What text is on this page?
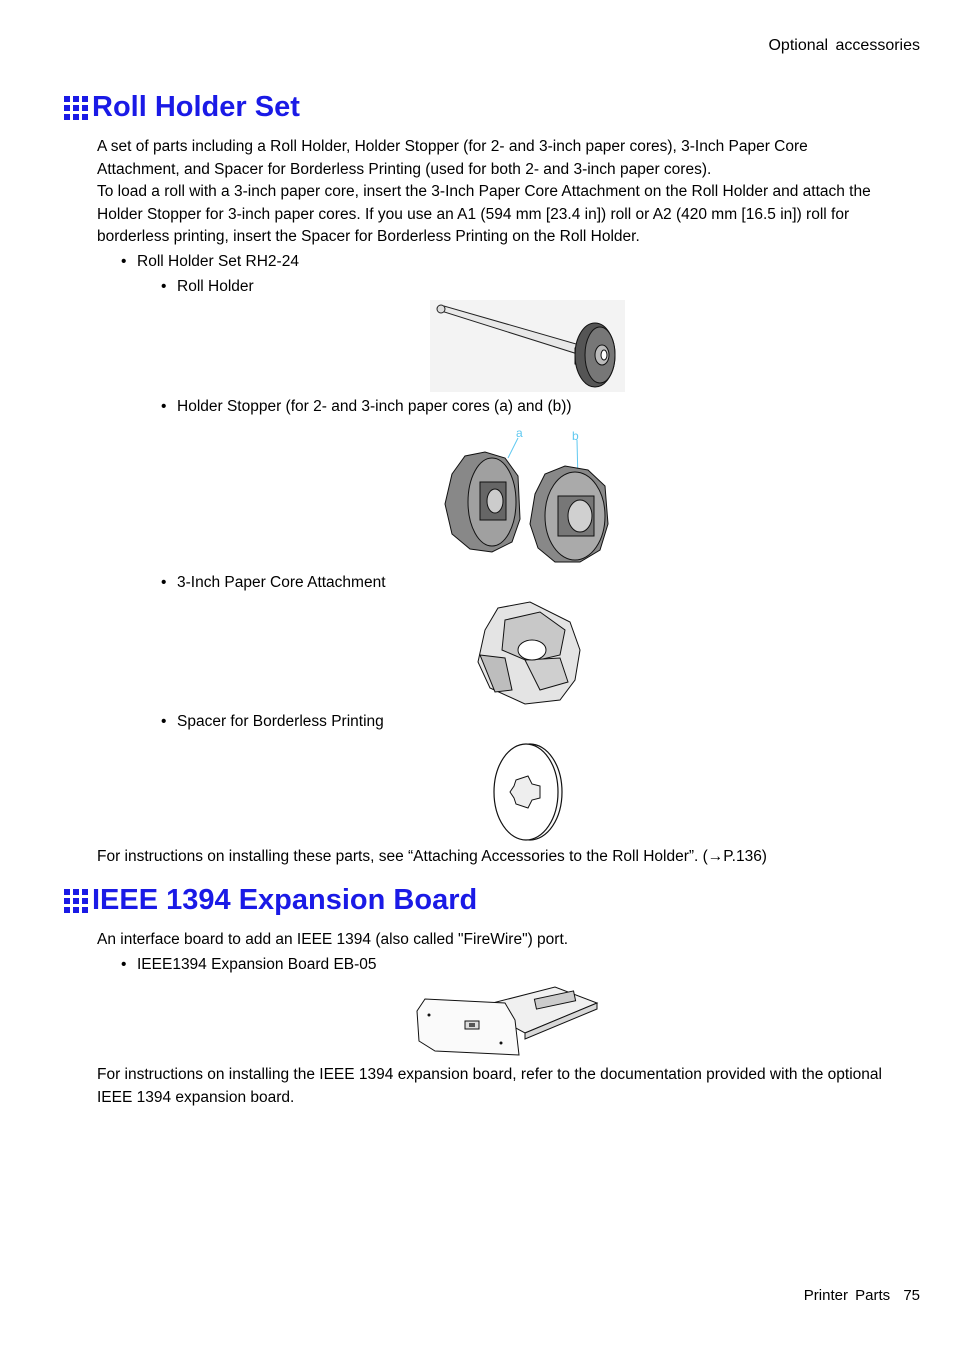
Optional accessories
Roll Holder Set
A set of parts including a Roll Holder, Holder Stopper (for 2- and 3-inch paper cores), 3-Inch Paper Core Attachment, and Spacer for Borderless Printing (used for both 2- and 3-inch paper cores).
To load a roll with a 3-inch paper core, insert the 3-Inch Paper Core Attachment on the Roll Holder and attach the Holder Stopper for 3-inch paper cores. If you use an A1 (594 mm [23.4 in]) roll or A2 (420 mm [16.5 in]) roll for borderless printing, insert the Spacer for Borderless Printing on the Roll Holder.
• Roll Holder Set RH2-24
• Roll Holder
• Holder Stopper (for 2- and 3-inch paper cores (a) and (b))
a	b
• 3-Inch Paper Core Attachment
• Spacer for Borderless Printing
For instructions on installing these parts, see “Attaching Accessories to the Roll Holder”. (→P.136)
IEEE 1394 Expansion Board
An interface board to add an IEEE 1394 (also called "FireWire") port.
• IEEE1394 Expansion Board EB-05
For instructions on installing the IEEE 1394 expansion board, refer to the documentation provided with the optional IEEE 1394 expansion board.
Printer Parts 75
